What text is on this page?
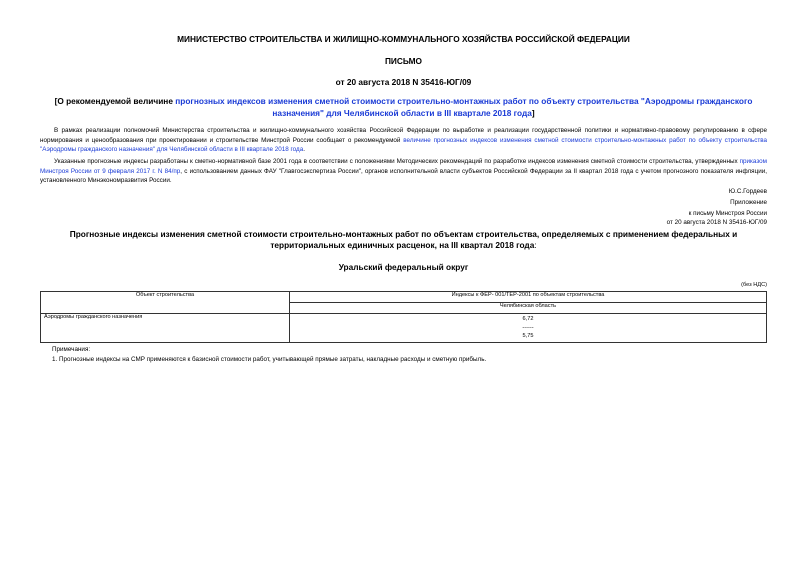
МИНИСТЕРСТВО СТРОИТЕЛЬСТВА И ЖИЛИЩНО-КОММУНАЛЬНОГО ХОЗЯЙСТВА РОССИЙСКОЙ ФЕДЕРАЦИИ
ПИСЬМО
от 20 августа 2018 N 35416-ЮГ/09
[О рекомендуемой величине прогнозных индексов изменения сметной стоимости строительно-монтажных работ по объекту строительства "Аэродромы гражданского назначения" для Челябинской области в III квартале 2018 года]
В рамках реализации полномочий Министерства строительства и жилищно-коммунального хозяйства Российской Федерации по выработке и реализации государственной политики и нормативно-правовому регулированию в сфере нормирования и ценообразования при проектировании и строительстве Минстрой России сообщает о рекомендуемой величине прогнозных индексов изменения сметной стоимости строительно-монтажных работ по объекту строительства "Аэродромы гражданского назначения" для Челябинской области в III квартале 2018 года.
Указанные прогнозные индексы разработаны к сметно-нормативной базе 2001 года в соответствии с положениями Методических рекомендаций по разработке индексов изменения сметной стоимости строительства, утвержденных приказом Минстроя России от 9 февраля 2017 г. N 84/пр, с использованием данных ФАУ "Главгосэкспертиза России", органов исполнительной власти субъектов Российской Федерации за II квартал 2018 года с учетом прогнозного показателя инфляции, установленного Минэкономразвития России.
Ю.С.Гордеев
Приложение
к письму Минстроя России
от 20 августа 2018 N 35416-ЮГ/09
Прогнозные индексы изменения сметной стоимости строительно-монтажных работ по объектам строительства, определяемых с применением федеральных и территориальных единичных расценок, на III квартал 2018 года:
Уральский федеральный округ
(без НДС)
Объект строительства	Индексы к ФЕР- 001/ТЕР-2001 по объектам строительства
	Челябинская область
Аэродромы гражданского назначения	6,72
------
5,75
Примечания:
1. Прогнозные индексы на СМР применяются к базисной стоимости работ, учитывающей прямые затраты, накладные расходы и сметную прибыль.
